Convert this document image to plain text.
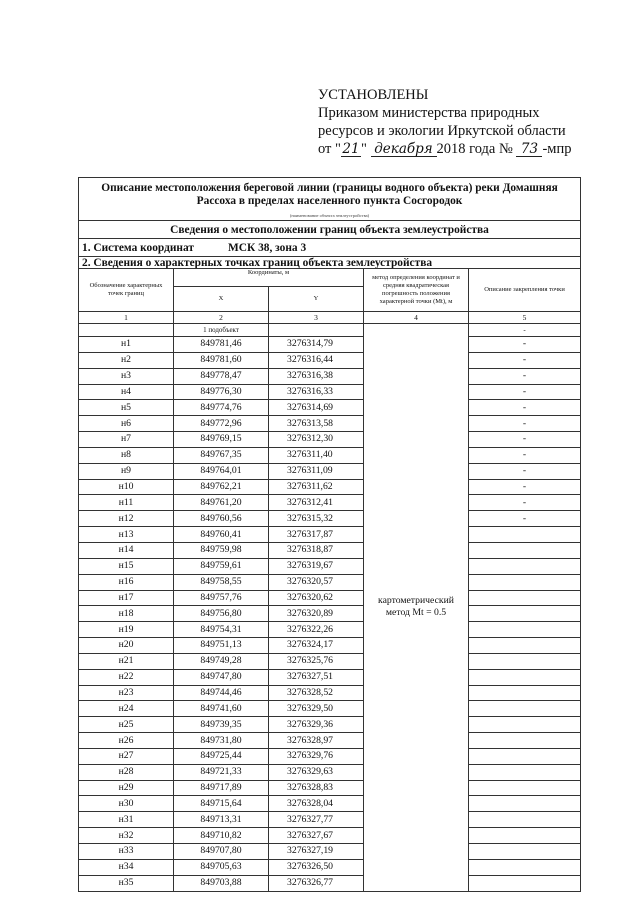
УСТАНОВЛЕНЫ
Приказом министерства природных
ресурсов и экологии Иркутской области
от "21" декабря 2018 года № 73 -мпр
Описание местоположения береговой линии (границы водного объекта) реки Домашняя Рассоха в пределах населенного пункта Сосгородок				
(наименование объекта землеустройства)				
Сведения о местоположении границ объекта землеустройства				
1. Система координат МСК 38, зона 3				
2. Сведения о характерных точках границ объекта землеустройства				
Обозначение характерных точек границ	Координаты, м		метод определения координат и средняя квадратическая погрешность положения характерной точки (Mt), м	Описание закрепления точки
	X	Y		
1	2	3	4	5
	1 подобъект		картометрический метод Mt = 0.5	-
н1	849781,46	3276314,79		-
н2	849781,60	3276316,44		-
н3	849778,47	3276316,38		-
н4	849776,30	3276316,33		-
н5	849774,76	3276314,69		-
н6	849772,96	3276313,58		-
н7	849769,15	3276312,30		-
н8	849767,35	3276311,40		-
н9	849764,01	3276311,09		-
н10	849762,21	3276311,62		-
н11	849761,20	3276312,41		-
н12	849760,56	3276315,32		-
н13	849760,41	3276317,87		
н14	849759,98	3276318,87		
н15	849759,61	3276319,67		
н16	849758,55	3276320,57		
н17	849757,76	3276320,62		
н18	849756,80	3276320,89		
н19	849754,31	3276322,26		
н20	849751,13	3276324,17		
н21	849749,28	3276325,76		
н22	849747,80	3276327,51		
н23	849744,46	3276328,52		
н24	849741,60	3276329,50		
н25	849739,35	3276329,36		
н26	849731,80	3276328,97		
н27	849725,44	3276329,76		
н28	849721,33	3276329,63		
н29	849717,89	3276328,83		
н30	849715,64	3276328,04		
н31	849713,31	3276327,77		
н32	849710,82	3276327,67		
н33	849707,80	3276327,19		
н34	849705,63	3276326,50		
н35	849703,88	3276326,77		
